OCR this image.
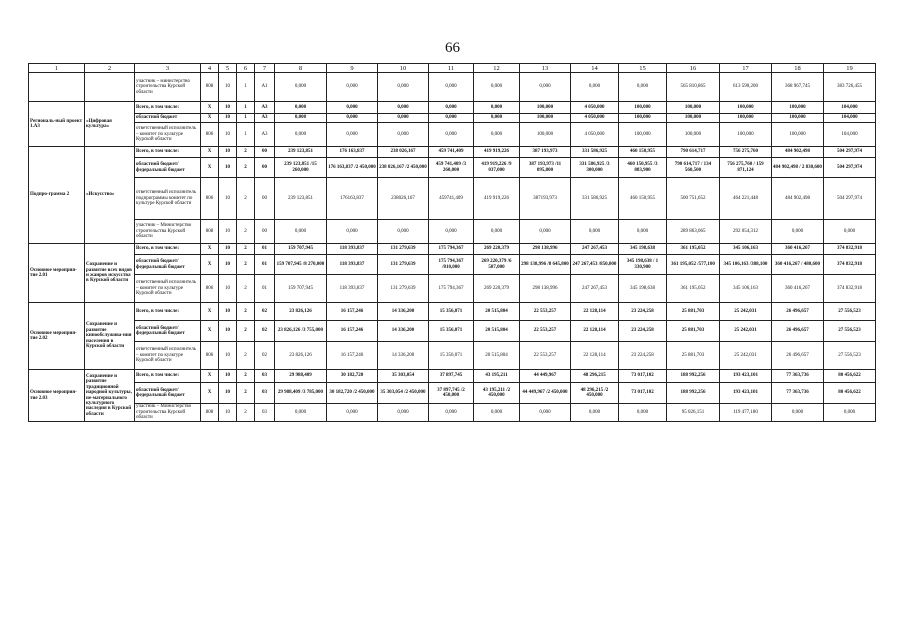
66
1	2	3	4	5	6	7	8	9	10	11	12	13	14	15	16	17	18	19
		участник – министерство строительства Курской области	808	10	1	А1	0,000	0,000	0,000	0,000	0,000	0,000	0,000	0,000	565 810,865	613 590,200	368 967,745	383 726,455
Региональ-ный проект 1.А3	«Цифровая культура»	Всего, в том числе:	X	10	1	А3	0,000	0,000	0,000	0,000	0,000	100,000	4 050,000	100,000	100,000	100,000	100,000	104,000
		областной бюджет	X	10	1	А3	0,000	0,000	0,000	0,000	0,000	100,000	4 050,000	100,000	100,000	100,000	100,000	104,000
		ответственный исполнитель – комитет по культуре Курской области	806	10	1	А3	0,000	0,000	0,000	0,000	0,000	100,000	4 050,000	100,000	100,000	100,000	100,000	104,000
Подпро-грамма 2	«Искусство»	Всего, в том числе:	X	10	2	00	239 123,851	176 163,837	238 026,167	459 741,409	419 919,226	387 193,973	331 586,925	460 150,955	790 614,717	756 275,760	484 902,498	504 297,974
		областной бюджет/ федеральный бюджет	X	10	2	00	239 123,851 /15 260,000	176 163,837 /2 450,000	238 026,167 /2 450,000	459 741,409 /3 260,000	419 919,226 /9 037,000	387 193,973 /11 095,800	331 586,925 /3 300,000	460 150,955 /3 883,900	790 614,717 / 134 560,500	756 275,760 / 159 871,124	484 902,498 / 2 830,600	504 297,974
		ответственный исполнитель подпрограммы комитет по культуре Курской области	806	10	2	00	239 123,851	176163,837	238026,167	459741,409	419 919,226	387193,973	331 586,925	460 150,955	500 751,652	464 221,448	484 902,498	504 297,974
		участник – Министерство строительства Курской области	808	10	2	00	0,000	0,000	0,000	0,000	0,000	0,000	0,000	0,000	289 863,065	292 054,312	0,000	0,000
Основное мероприя-тие 2.01	Сохранение и развитие всех видов и жанров искусства в Курской области	Всего, в том числе:	X	10	2	01	159 707,945	118 393,837	131 279,639	175 794,367	269 220,379	298 138,996	247 267,453	345 198,638	361 195,052	345 106,163	360 416,267	374 832,918
		областной бюджет/ федеральный бюджет	X	10	2	01	159 707,945 /8 270,000	118 393,837	131 279,639	175 794,367 /810,000	269 220,379 /6 587,000	298 138,996 /8 645,800	247 267,453 /850,000	345 198,638 / 1 330,900	361 195,052 /577,100	345 106,163 /388,100	360 416,267 / 480,600	374 832,918
		ответственный исполнитель – комитет по культуре Курской области	806	10	2	01	159 707,945	118 393,837	131 279,639	175 794,367	269 220,379	298 138,996	247 267,453	345 198,638	361 195,052	345 106,163	360 416,267	374 832,918
Основное мероприя-тие 2.02	Сохранение и развитие кинообслужива-ния населения в Курской области	Всего, в том числе:	X	10	2	02	23 826,126	16 157,246	14 336,200	15 356,071	20 515,804	22 553,257	22 128,114	23 224,258	25 881,703	25 242,031	26 496,657	27 556,523
		областной бюджет/ федеральный бюджет	X	10	2	02	23 826,126 /3 755,000	16 157,246	14 336,200	15 356,071	20 515,804	22 553,257	22 128,114	23 224,258	25 881,703	25 242,031	26 496,657	27 556,523
		ответственный исполнитель – комитет по культуре Курской области	806	10	2	02	23 826,126	16 157,246	14 336,200	15 356,071	20 515,804	22 553,257	22 128,114	23 224,258	25 881,703	25 242,031	26 496,657	27 556,523
Основное мероприя-тие 2.03	Сохранение и развитие традиционной народной культуры, не-материального культурного наследия в Курской области	Всего, в том числе:	X	10	2	03	29 988,409	30 182,720	35 303,054	37 897,745	43 195,211	44 449,967	48 296,215	73 017,102	188 992,256	193 423,101	77 363,736	80 456,622
		областной бюджет/ федеральный бюджет	X	10	2	03	29 988,409 /3 785,000	30 182,720 /2 450,000	35 303,054 /2 450,000	37 897,745 /2 450,000	43 195,211 /2 450,000	44 449,967 /2 450,000	48 296,215 /2 450,000	73 017,102	188 992,256	193 423,101	77 363,736	80 456,622
		участник – Министерство строительства Курской области	808	10	2	03	0,000	0,000	0,000	0,000	0,000	0,000	0,000	0,000	95 026,151	119 477,180	0,000	0,000
